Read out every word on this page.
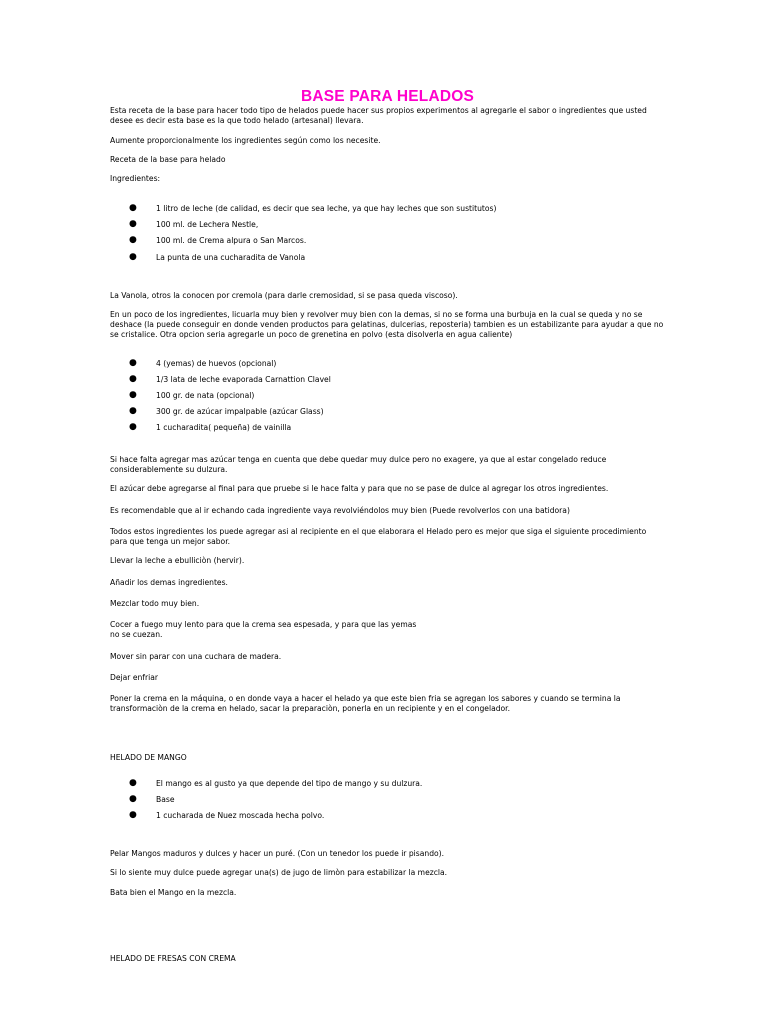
BASE PARA HELADOS

Esta receta de la base para hacer todo tipo de helados puede hacer sus propios experimentos al agregarle el sabor o ingredientes que usted desee es decir esta base es la que todo helado (artesanal) llevara.

Aumente proporcionalmente los ingredientes según como los necesite.

Receta de la base para helado

Ingredientes:

●	1 litro de leche (de calidad, es decir que sea leche, ya que hay leches que son sustitutos)
●	100 ml. de Lechera Nestle,
●	100 ml. de Crema alpura o San Marcos.
●	La punta de una cucharadita de Vanola

La Vanola, otros la conocen por cremola (para darle cremosidad, si se pasa queda viscoso).

En un poco de los ingredientes, licuarla muy bien y revolver muy bien con la demas, si no se forma una burbuja en la cual se queda y no se deshace (la puede conseguir en donde venden productos para gelatinas, dulcerias, reposteria) tambien es un estabilizante para ayudar a que no se cristalice. Otra opcion seria agregarle un poco de grenetina en polvo (esta disolverla en agua caliente)

●	4 (yemas) de huevos (opcional)
●	1/3 lata de leche evaporada Carnattion Clavel
●	100 gr. de nata (opcional)
●	300 gr. de azúcar impalpable (azúcar Glass)
●	1 cucharadita( pequeña) de vainilla

Si hace falta agregar mas azúcar tenga en cuenta que debe quedar muy dulce pero no exagere, ya que al estar congelado reduce considerablemente su dulzura.

El azúcar debe agregarse al final para que pruebe si le hace falta y para que no se pase de dulce al agregar los otros ingredientes.

Es recomendable que al ir echando cada ingrediente vaya revolviéndolos muy bien (Puede revolverlos con una batidora)

Todos estos ingredientes los puede agregar asi al recipiente en el que elaborara el Helado pero es mejor que siga el siguiente procedimiento para que tenga un mejor sabor.

Llevar la leche a ebulliciòn (hervir).

Añadir los demas ingredientes.

Mezclar todo muy bien.

Cocer a fuego muy lento para que la crema sea espesada, y para que las yemas
no se cuezan.

Mover sin parar con una cuchara de madera.

Dejar enfriar

Poner la crema en la máquina, o en donde vaya a hacer el helado ya que este bien fria se agregan los sabores y cuando se termina la transformaciòn de la crema en helado, sacar la preparaciòn, ponerla en un recipiente y en el congelador.

HELADO DE MANGO

●	El mango es al gusto ya que depende del tipo de mango y su dulzura.
●	Base
●	1 cucharada de Nuez moscada hecha polvo.

Pelar Mangos maduros y dulces y hacer un puré. (Con un tenedor los puede ir pisando).

Si lo siente muy dulce puede agregar una(s) de jugo de limòn para estabilizar la mezcla.

Bata bien el Mango en la mezcla.

HELADO DE FRESAS CON CREMA
